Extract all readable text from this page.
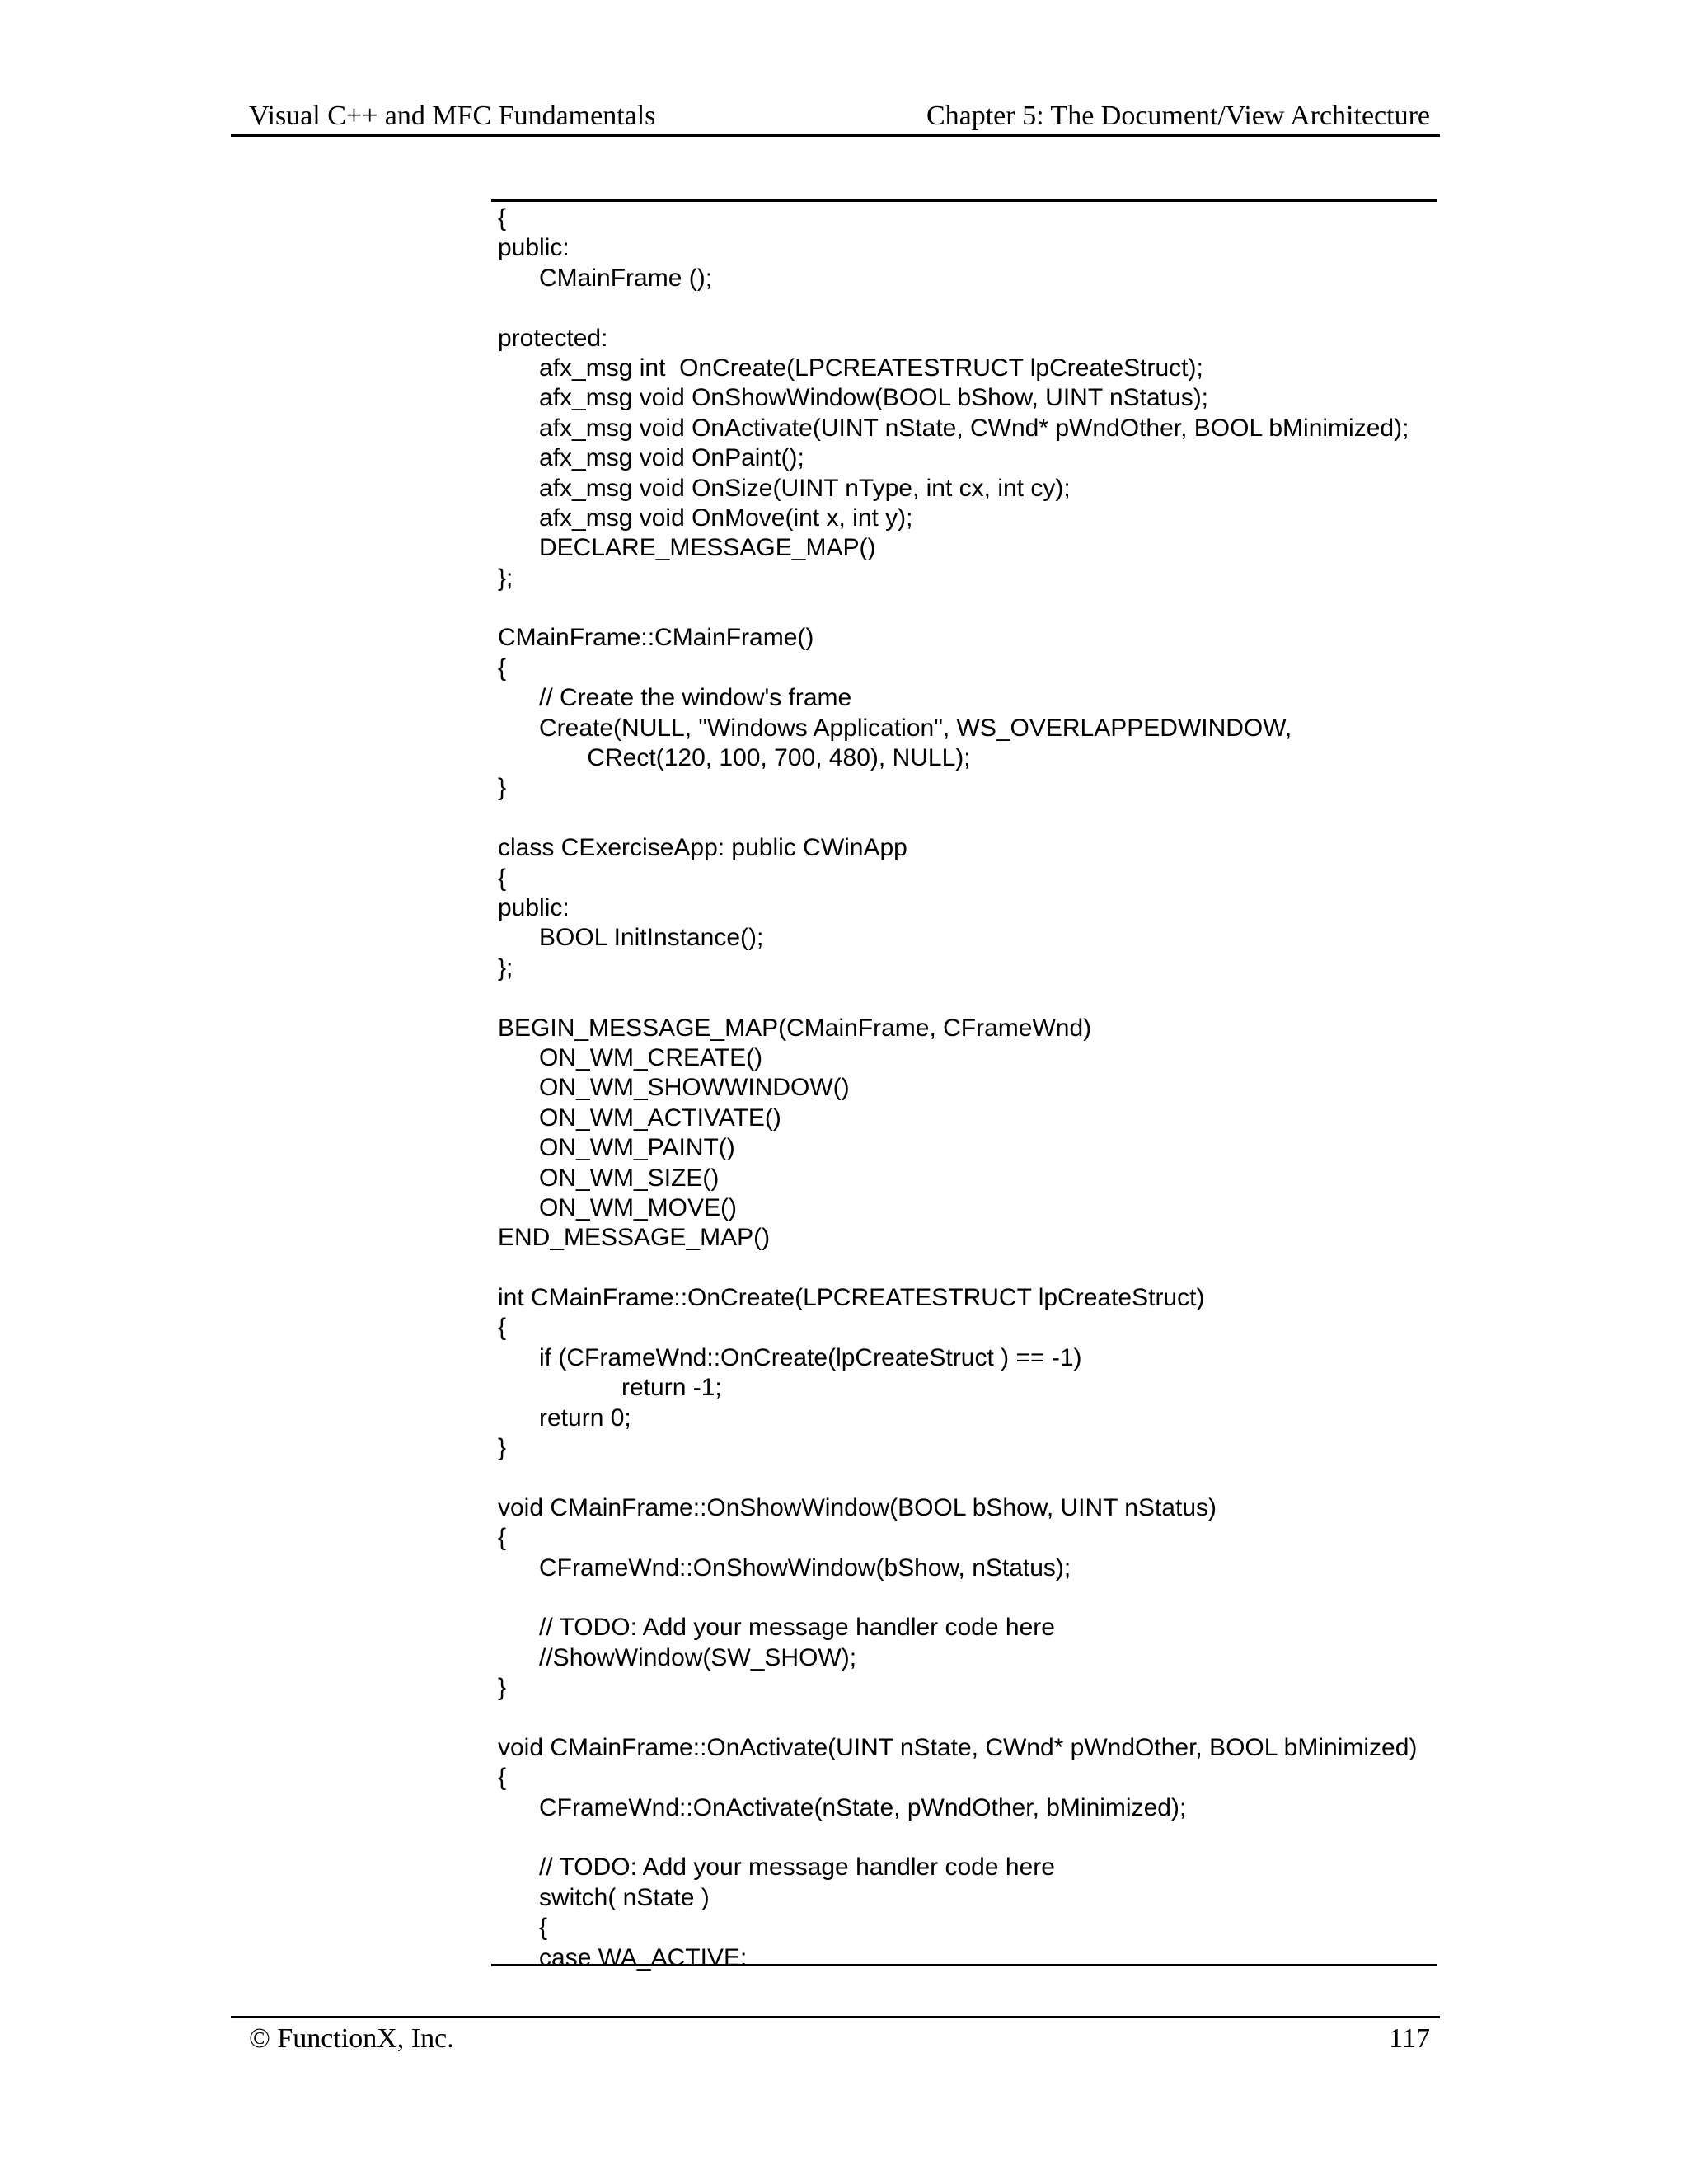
Visual C++ and MFC Fundamentals	Chapter 5: The Document/View Architecture
{
public:
CMainFrame ();
protected:
afx_msg int  OnCreate(LPCREATESTRUCT lpCreateStruct);
afx_msg void OnShowWindow(BOOL bShow, UINT nStatus);
afx_msg void OnActivate(UINT nState, CWnd* pWndOther, BOOL bMinimized);
afx_msg void OnPaint();
afx_msg void OnSize(UINT nType, int cx, int cy);
afx_msg void OnMove(int x, int y);
DECLARE_MESSAGE_MAP()
};
CMainFrame::CMainFrame()
{
// Create the window's frame
Create(NULL, "Windows Application", WS_OVERLAPPEDWINDOW,
CRect(120, 100, 700, 480), NULL);
}
class CExerciseApp: public CWinApp
{
public:
BOOL InitInstance();
};
BEGIN_MESSAGE_MAP(CMainFrame, CFrameWnd)
ON_WM_CREATE()
ON_WM_SHOWWINDOW()
ON_WM_ACTIVATE()
ON_WM_PAINT()
ON_WM_SIZE()
ON_WM_MOVE()
END_MESSAGE_MAP()
int CMainFrame::OnCreate(LPCREATESTRUCT lpCreateStruct)
{
if (CFrameWnd::OnCreate(lpCreateStruct ) == -1)
return -1;
return 0;
}
void CMainFrame::OnShowWindow(BOOL bShow, UINT nStatus)
{
CFrameWnd::OnShowWindow(bShow, nStatus);
// TODO: Add your message handler code here
//ShowWindow(SW_SHOW);
}
void CMainFrame::OnActivate(UINT nState, CWnd* pWndOther, BOOL bMinimized)
{
CFrameWnd::OnActivate(nState, pWndOther, bMinimized);
// TODO: Add your message handler code here
switch( nState )
{
case WA_ACTIVE:
© FunctionX, Inc.	117
